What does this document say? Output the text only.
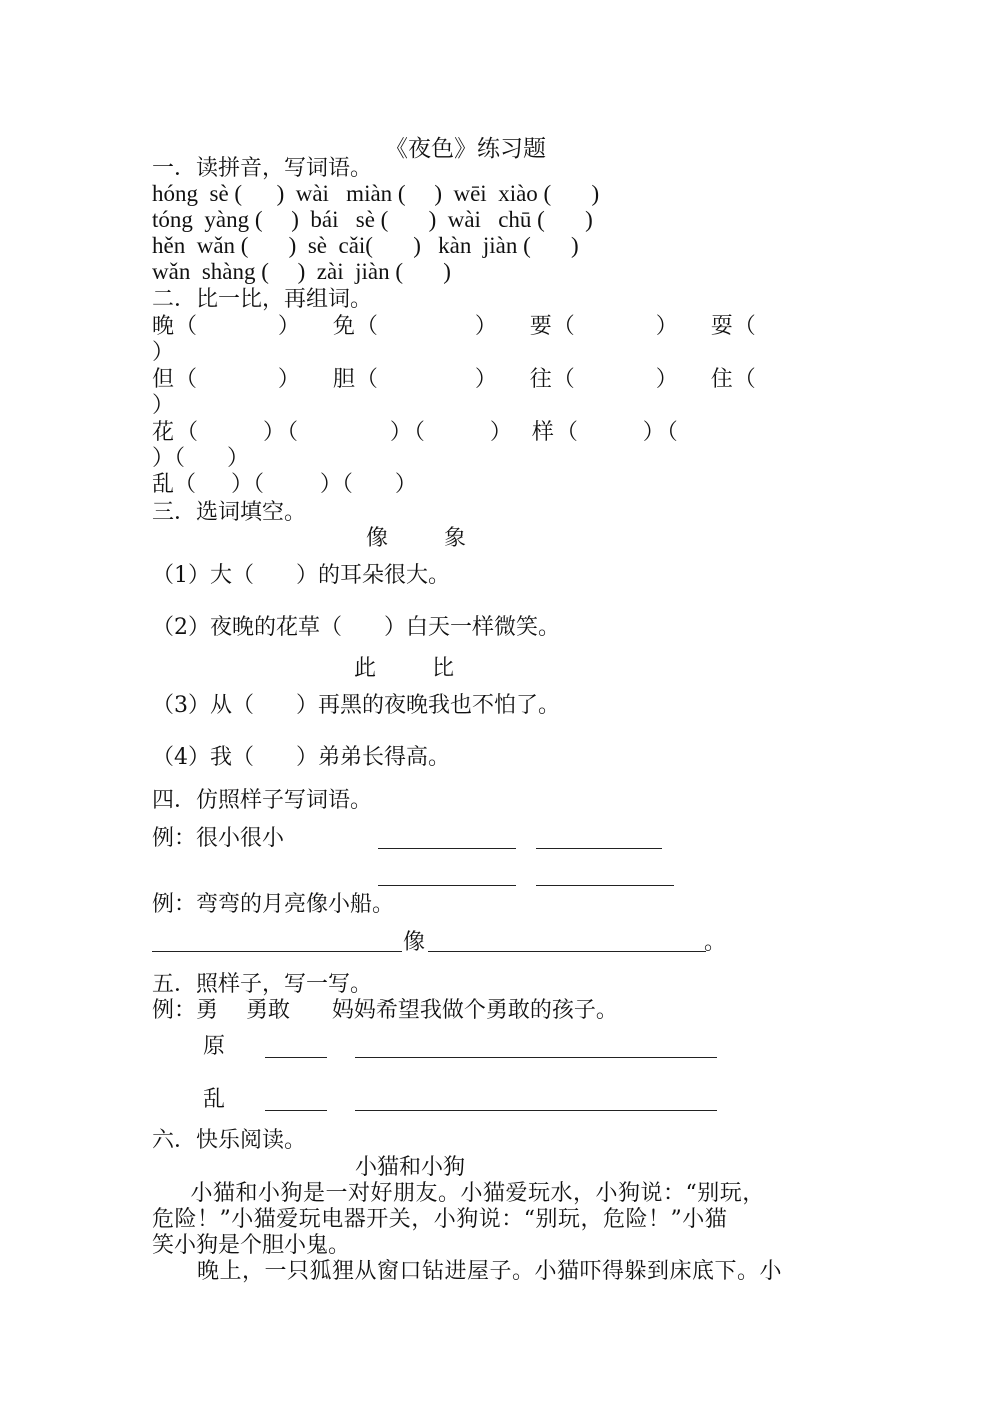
《夜色》练习题
一．读拼音，写词语。
hóng  sè (      )  wài   miàn (     )  wēi  xiào (       )
tóng  yàng (     )  bái   sè (       )  wài   chū (       )
hěn  wǎn (       )  sè  cǎi(       )   kàn  jiàn (       )
wǎn  shàng (     )  zài  jiàn (       )
二．比一比，再组词。
晚（          ）    免（            ）    要（          ）    耍（
）
但（          ）    胆（            ）    往（          ）    住（
）
花（       ）（          ）（       ）  样（       ）（
）（      ）
乱（     ）（        ）（      ）
三．选词填空。
像        象
（1）大（      ）的耳朵很大。
（2）夜晚的花草（      ）白天一样微笑。
此        比
（3）从（      ）再黑的夜晚我也不怕了。
（4）我（      ）弟弟长得高。
四．仿照样子写词语。
例：很小很小
例：弯弯的月亮像小船。
像	。
五．照样子，写一写。
例：勇    勇敢      妈妈希望我做个勇敢的孩子。
原
乱
六．快乐阅读。
小猫和小狗
　小猫和小狗是一对好朋友。小猫爱玩水，小狗说：“别玩，
危险！”小猫爱玩电器开关，小狗说：“别玩，危险！”小猫
笑小狗是个胆小鬼。
　　晚上，一只狐狸从窗口钻进屋子。小猫吓得躲到床底下。小
